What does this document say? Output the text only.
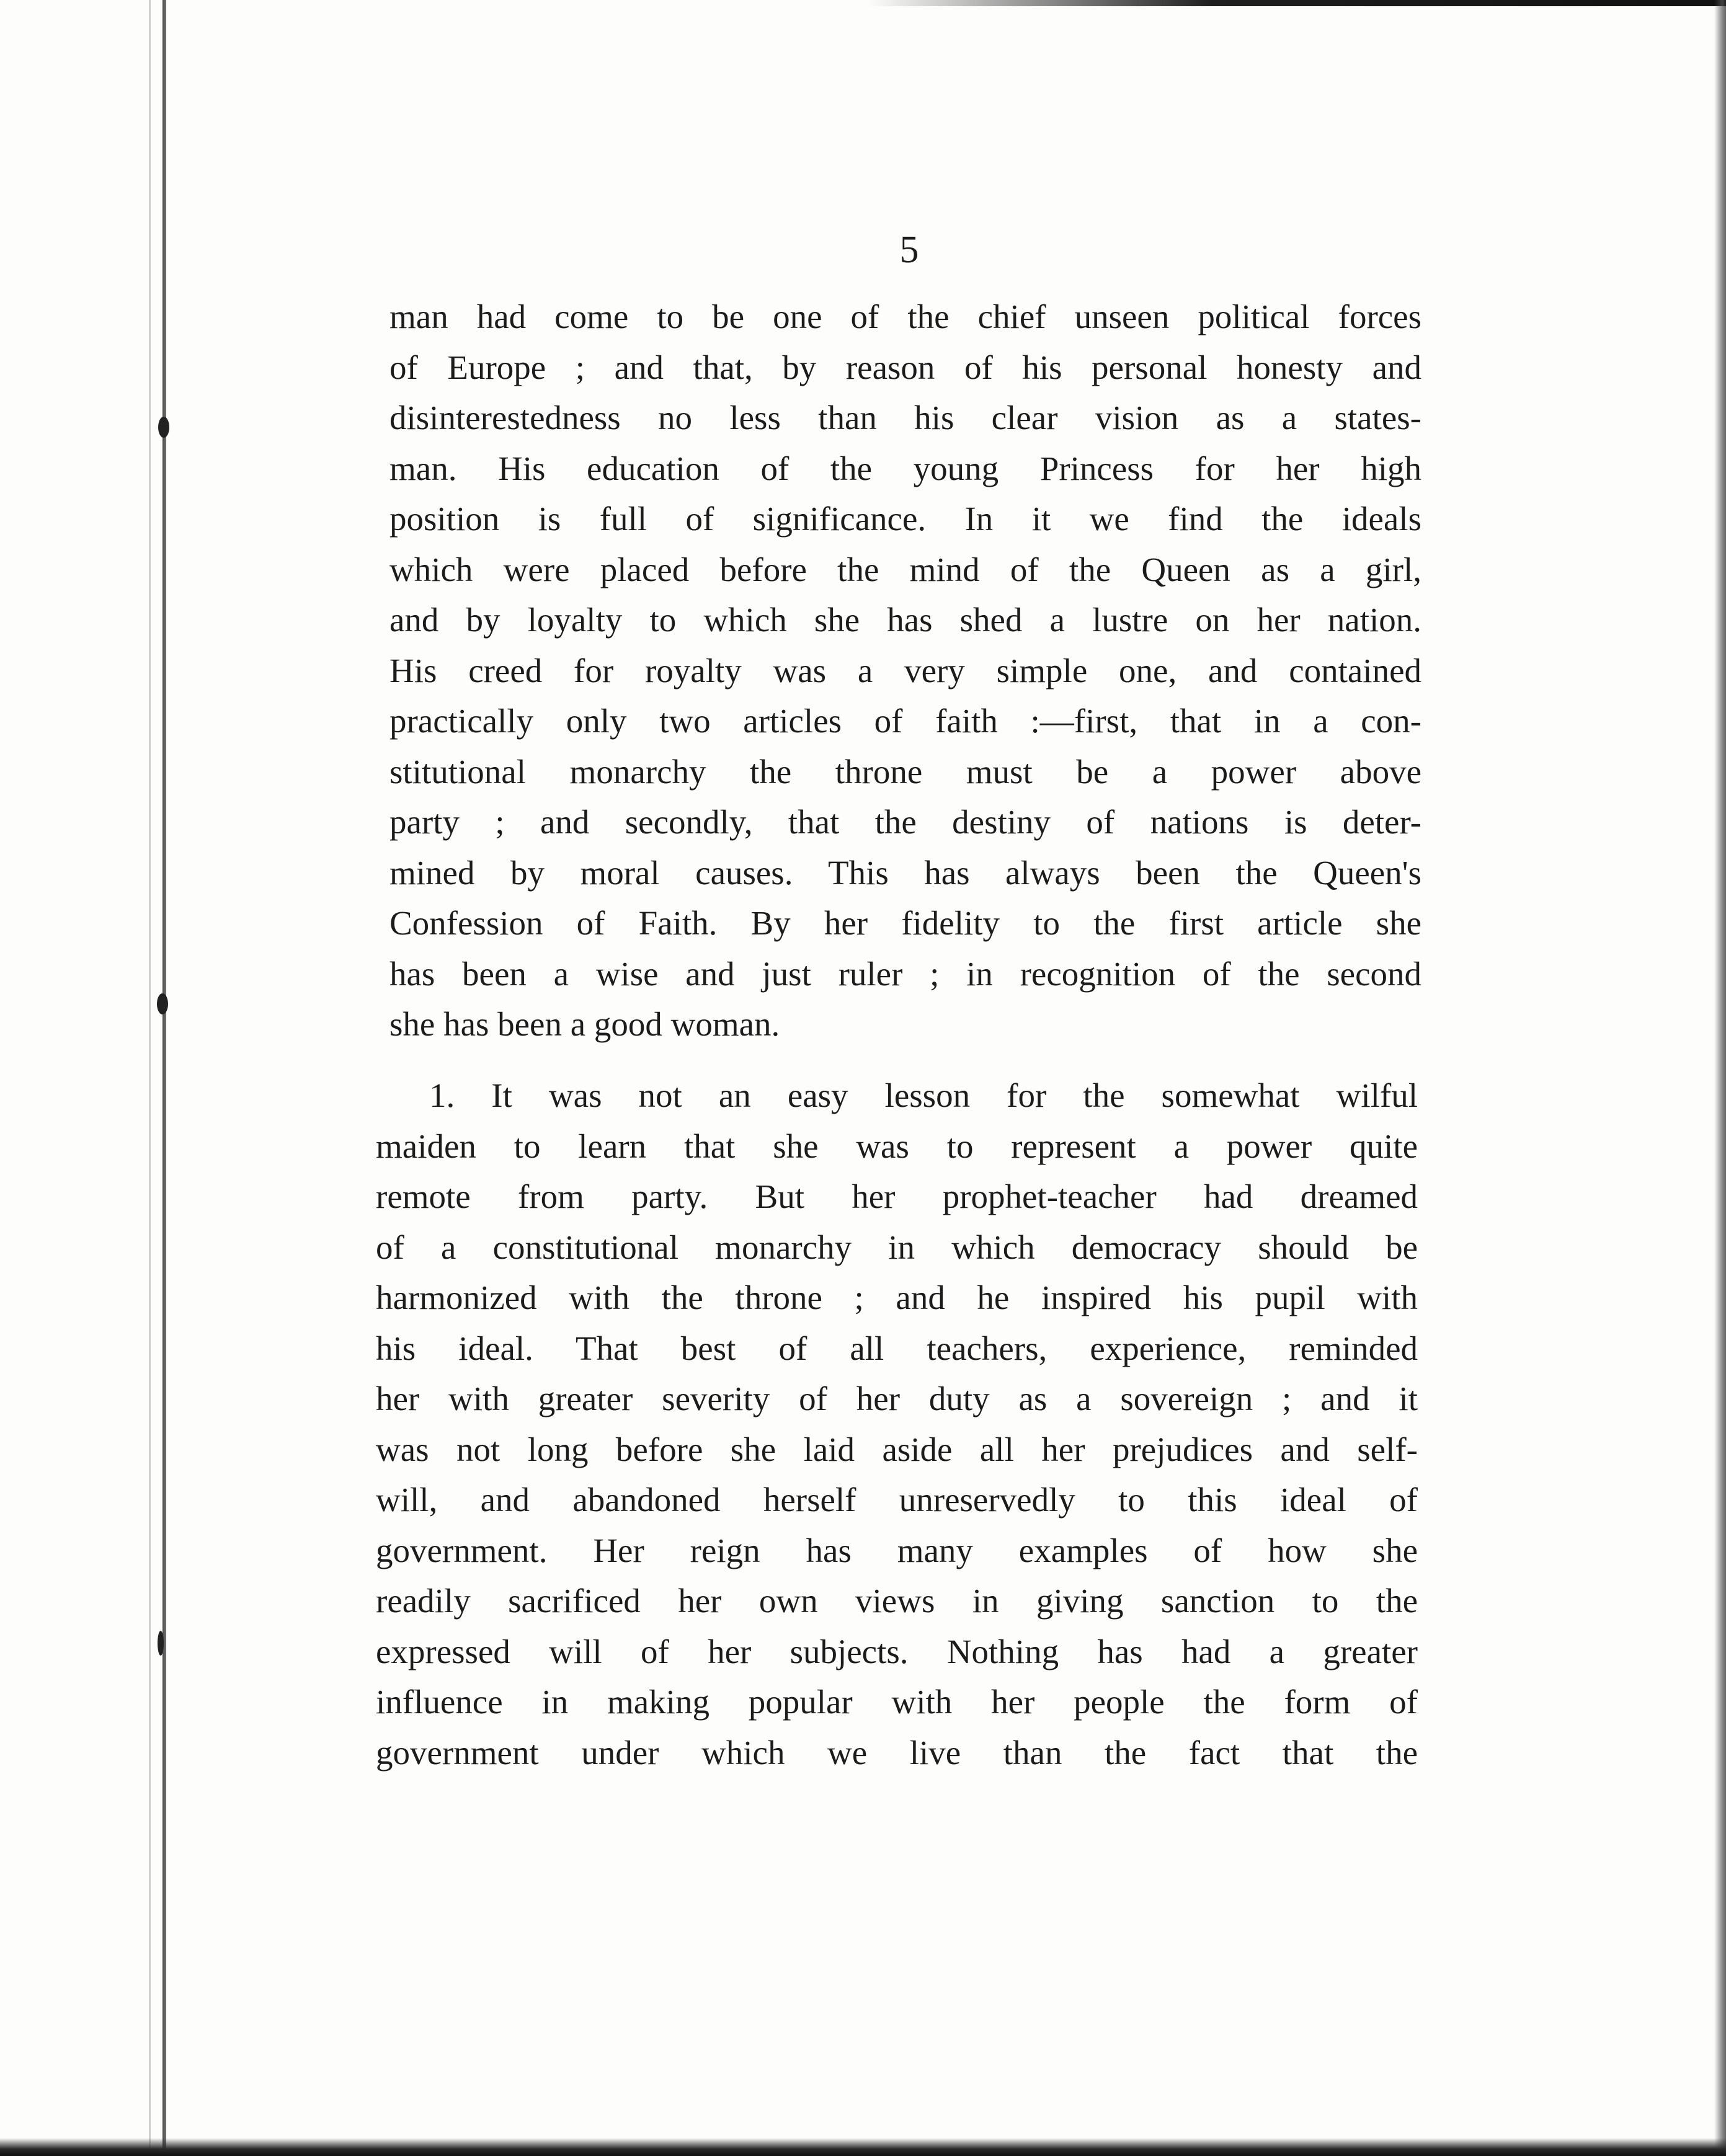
5
man had come to be one of the chief unseen political forces
of Europe ; and that, by reason of his personal honesty and
disinterestedness no less than his clear vision as a states-
man. His education of the young Princess for her high
position is full of significance. In it we find the ideals
which were placed before the mind of the Queen as a girl,
and by loyalty to which she has shed a lustre on her nation.
His creed for royalty was a very simple one, and contained
practically only two articles of faith :—first, that in a con-
stitutional monarchy the throne must be a power above
party ; and secondly, that the destiny of nations is deter-
mined by moral causes. This has always been the Queen's
Confession of Faith. By her fidelity to the first article she
has been a wise and just ruler ; in recognition of the second
she has been a good woman.
1. It was not an easy lesson for the somewhat wilful
maiden to learn that she was to represent a power quite
remote from party. But her prophet-teacher had dreamed
of a constitutional monarchy in which democracy should be
harmonized with the throne ; and he inspired his pupil with
his ideal. That best of all teachers, experience, reminded
her with greater severity of her duty as a sovereign ; and it
was not long before she laid aside all her prejudices and self-
will, and abandoned herself unreservedly to this ideal of
government. Her reign has many examples of how she
readily sacrificed her own views in giving sanction to the
expressed will of her subjects. Nothing has had a greater
influence in making popular with her people the form of
government under which we live than the fact that the
